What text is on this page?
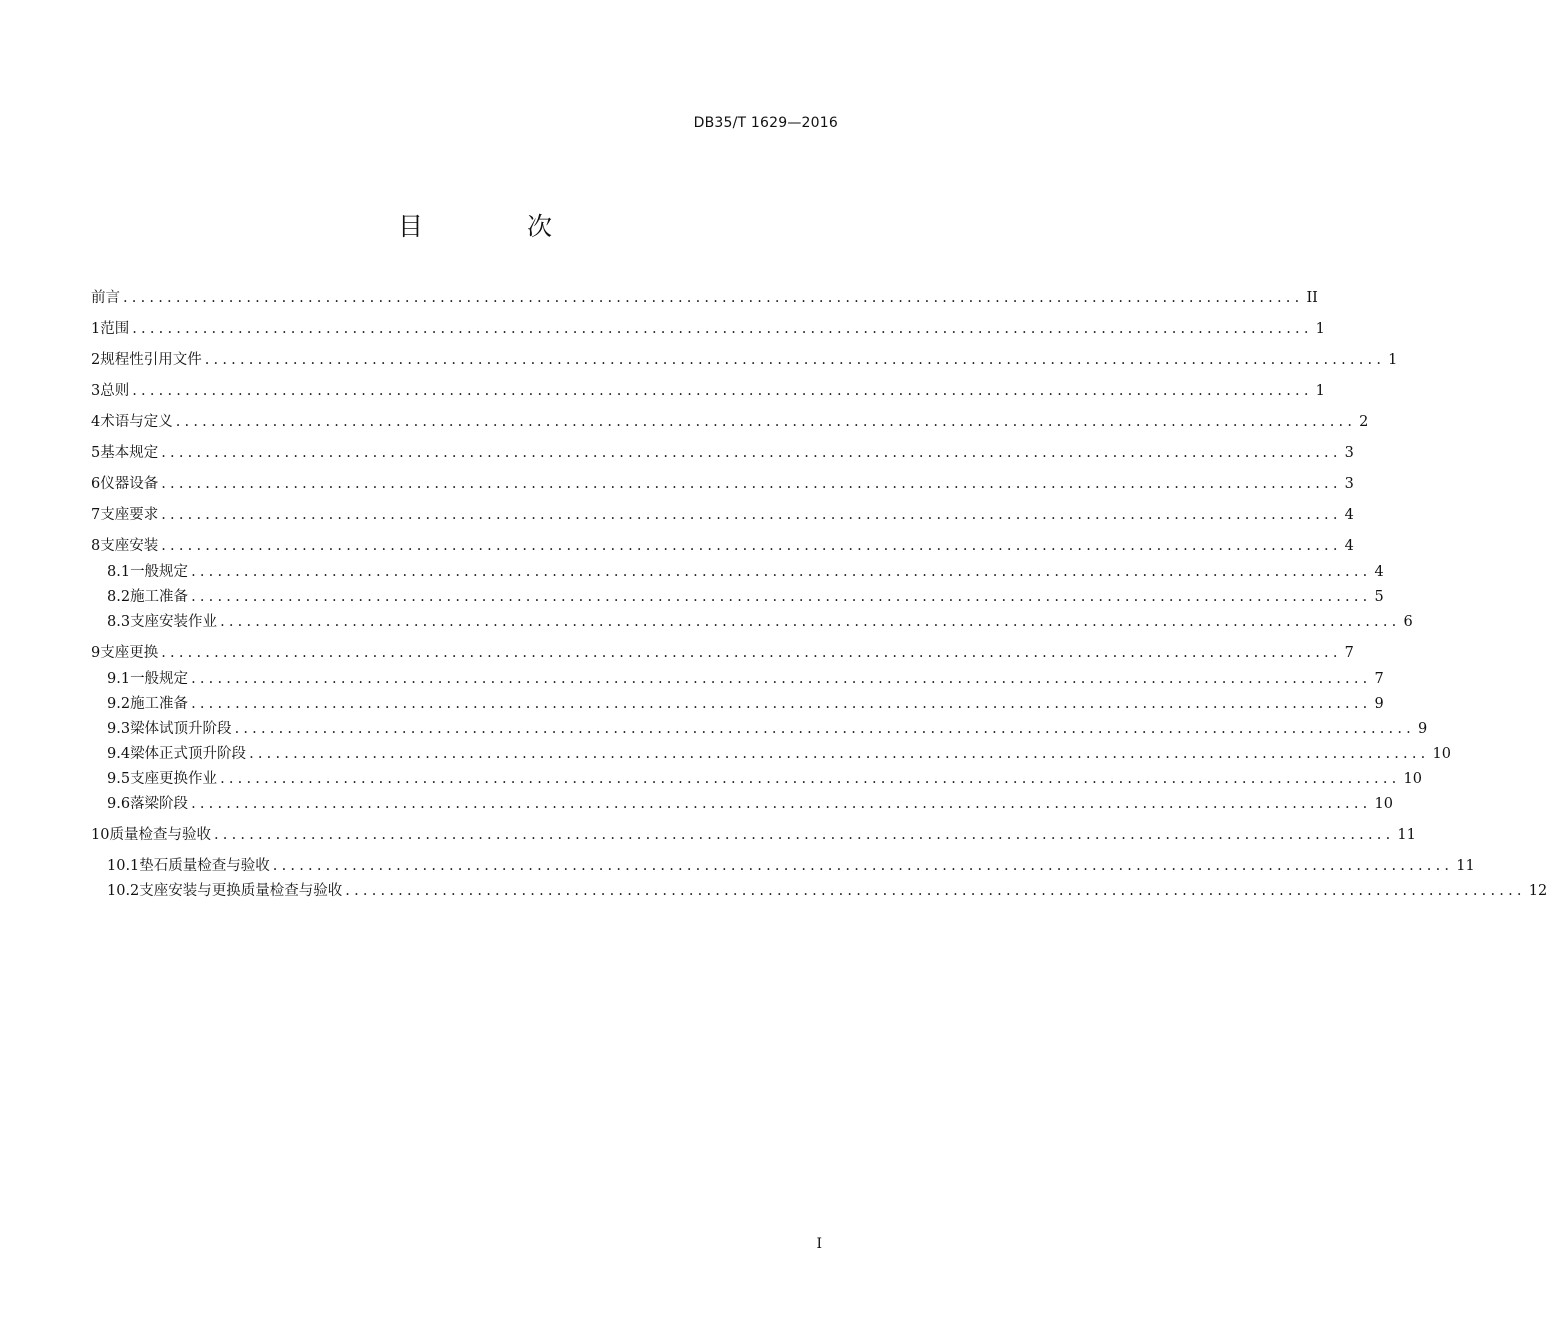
DB35/T 1629—2016
目 次
前 言 ...................................................................................................................................... II
1 范围 ...................................................................................................................................... 1
2 规程性引用文件 ...................................................................................................................................... 1
3 总则 ...................................................................................................................................... 1
4 术语与定义 ...................................................................................................................................... 2
5 基本规定 ...................................................................................................................................... 3
6 仪器设备 ...................................................................................................................................... 3
7 支座要求 ...................................................................................................................................... 4
8 支座安装 ...................................................................................................................................... 4
8.1 一般规定 ...................................................................................................................................... 4
8.2 施工准备 ...................................................................................................................................... 5
8.3 支座安装作业 ...................................................................................................................................... 6
9 支座更换 ...................................................................................................................................... 7
9.1 一般规定 ...................................................................................................................................... 7
9.2 施工准备 ...................................................................................................................................... 9
9.3 梁体试顶升阶段 ...................................................................................................................................... 9
9.4 梁体正式顶升阶段 ...................................................................................................................................... 10
9.5 支座更换作业 ...................................................................................................................................... 10
9.6 落梁阶段 ...................................................................................................................................... 10
10 质量检查与验收 ...................................................................................................................................... 11
10.1 垫石质量检查与验收 ...................................................................................................................................... 11
10.2 支座安装与更换质量检查与验收 ...................................................................................................................................... 12
I
